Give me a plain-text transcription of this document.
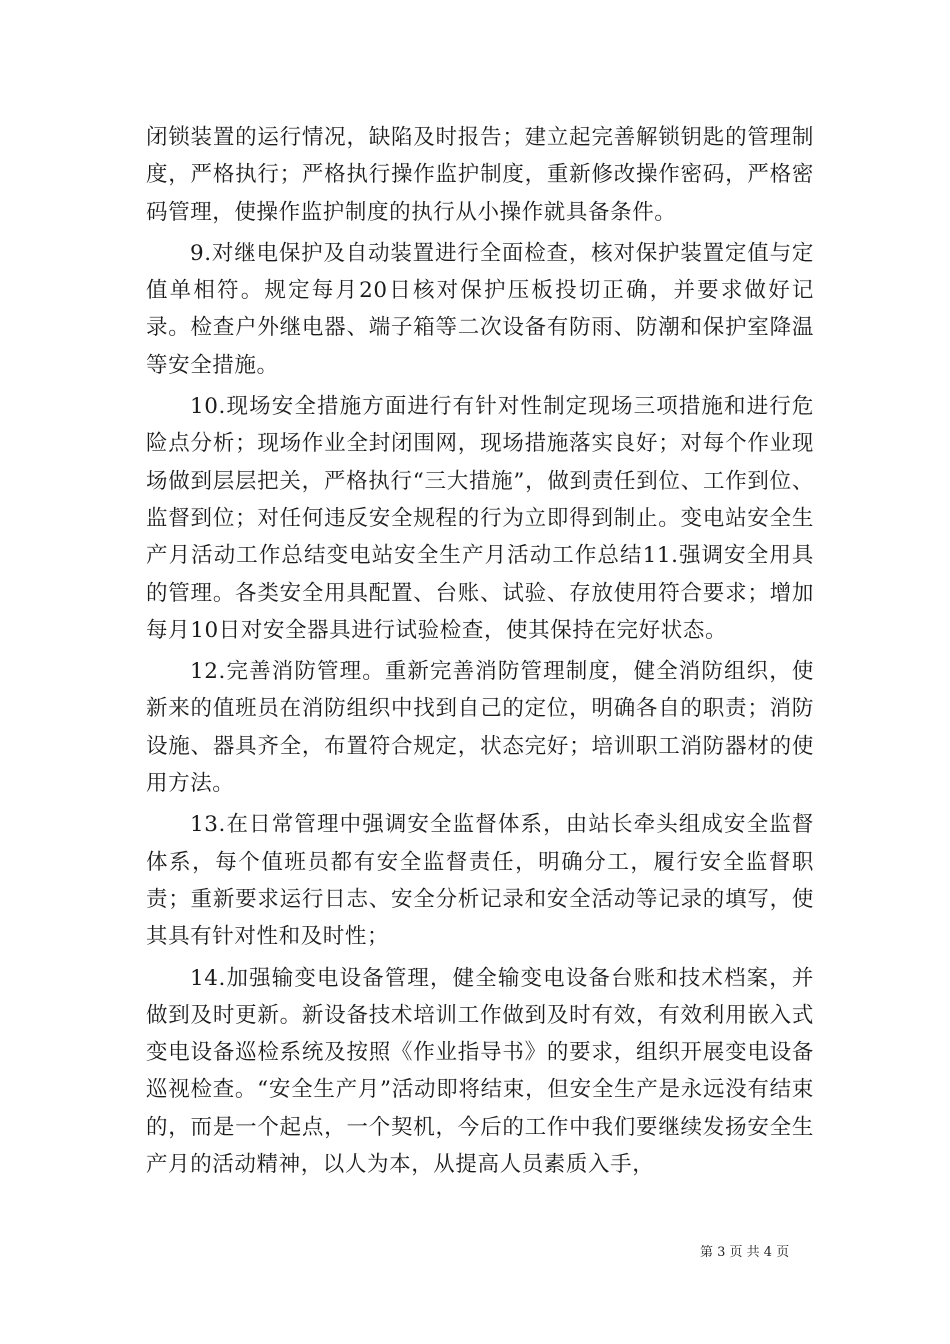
闭锁装置的运行情况，缺陷及时报告；建立起完善解锁钥匙的管理制度，严格执行；严格执行操作监护制度，重新修改操作密码，严格密码管理，使操作监护制度的执行从小操作就具备条件。

9.对继电保护及自动装置进行全面检查，核对保护装置定值与定值单相符。规定每月20日核对保护压板投切正确，并要求做好记录。检查户外继电器、端子箱等二次设备有防雨、防潮和保护室降温等安全措施。

10.现场安全措施方面进行有针对性制定现场三项措施和进行危险点分析；现场作业全封闭围网，现场措施落实良好；对每个作业现场做到层层把关，严格执行“三大措施”，做到责任到位、工作到位、监督到位；对任何违反安全规程的行为立即得到制止。变电站安全生产月活动工作总结变电站安全生产月活动工作总结11.强调安全用具的管理。各类安全用具配置、台账、试验、存放使用符合要求；增加每月10日对安全器具进行试验检查，使其保持在完好状态。

12.完善消防管理。重新完善消防管理制度，健全消防组织，使新来的值班员在消防组织中找到自己的定位，明确各自的职责；消防设施、器具齐全，布置符合规定，状态完好；培训职工消防器材的使用方法。

13.在日常管理中强调安全监督体系，由站长牵头组成安全监督体系，每个值班员都有安全监督责任，明确分工，履行安全监督职责；重新要求运行日志、安全分析记录和安全活动等记录的填写，使其具有针对性和及时性；

14.加强输变电设备管理，健全输变电设备台账和技术档案，并做到及时更新。新设备技术培训工作做到及时有效，有效利用嵌入式变电设备巡检系统及按照《作业指导书》的要求，组织开展变电设备巡视检查。“安全生产月”活动即将结束，但安全生产是永远没有结束的，而是一个起点，一个契机，今后的工作中我们要继续发扬安全生产月的活动精神，以人为本，从提高人员素质入手，

第 3 页 共 4 页
